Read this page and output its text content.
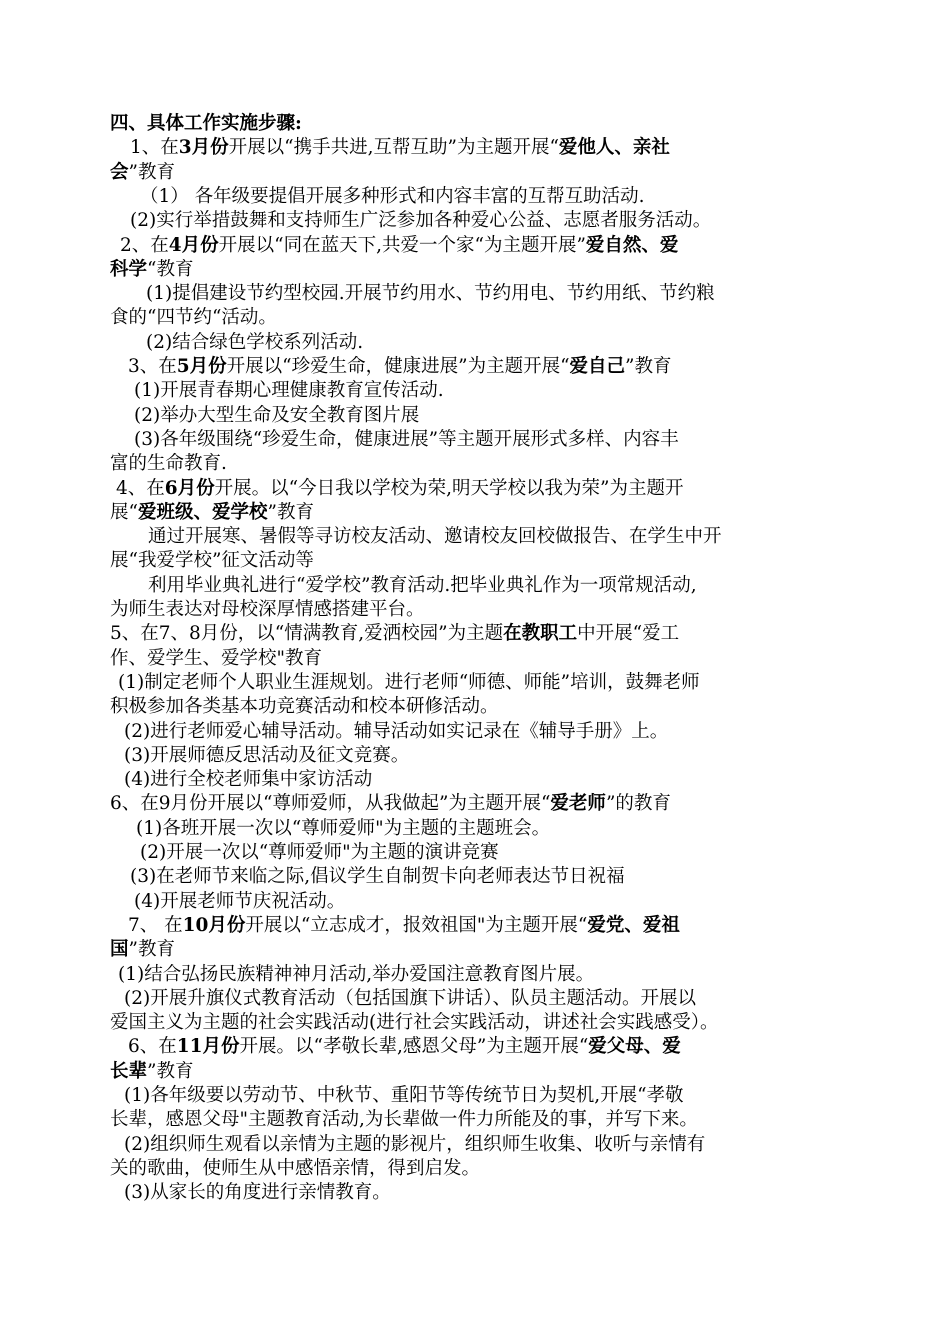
四、具体工作实施步骤:
1、在3月份开展以“携手共进,互帮互助”为主题开展“爱他人、亲社
会”教育
（1） 各年级要提倡开展多种形式和内容丰富的互帮互助活动.
(2)实行举措鼓舞和支持师生广泛参加各种爱心公益、志愿者服务活动。
2、在4月份开展以“同在蓝天下,共爱一个家“为主题开展”爱自然、爱
科学“教育
(1)提倡建设节约型校园.开展节约用水、节约用电、节约用纸、节约粮
食的“四节约“活动。
(2)结合绿色学校系列活动.
3、在5月份开展以“珍爱生命，健康进展”为主题开展“爱自己”教育
(1)开展青春期心理健康教育宣传活动.
(2)举办大型生命及安全教育图片展
(3)各年级围绕“珍爱生命，健康进展”等主题开展形式多样、内容丰
富的生命教育.
4、在6月份开展。以“今日我以学校为荣,明天学校以我为荣”为主题开
展“爱班级、爱学校”教育
通过开展寒、暑假等寻访校友活动、邀请校友回校做报告、在学生中开
展“我爱学校”征文活动等
利用毕业典礼进行“爱学校”教育活动.把毕业典礼作为一项常规活动,
为师生表达对母校深厚情感搭建平台。
5、在7、8月份，以“情满教育,爱洒校园”为主题在教职工中开展“爱工
作、爱学生、爱学校"教育
(1)制定老师个人职业生涯规划。进行老师“师德、师能”培训，鼓舞老师
积极参加各类基本功竞赛活动和校本研修活动。
(2)进行老师爱心辅导活动。辅导活动如实记录在《辅导手册》上。
(3)开展师德反思活动及征文竞赛。
(4)进行全校老师集中家访活动
6、在9月份开展以“尊师爱师，从我做起”为主题开展“爱老师”的教育
(1)各班开展一次以“尊师爱师"为主题的主题班会。
(2)开展一次以“尊师爱师"为主题的演讲竞赛
(3)在老师节来临之际,倡议学生自制贺卡向老师表达节日祝福
(4)开展老师节庆祝活动。
7、 在10月份开展以“立志成才，报效祖国"为主题开展“爱党、爱祖
国”教育
(1)结合弘扬民族精神神月活动,举办爱国注意教育图片展。
(2)开展升旗仪式教育活动（包括国旗下讲话）、队员主题活动。开展以
爱国主义为主题的社会实践活动(进行社会实践活动，讲述社会实践感受）。
6、在11月份开展。以“孝敬长辈,感恩父母”为主题开展“爱父母、爱
长辈”教育
(1)各年级要以劳动节、中秋节、重阳节等传统节日为契机,开展“孝敬
长辈，感恩父母"主题教育活动,为长辈做一件力所能及的事，并写下来。
(2)组织师生观看以亲情为主题的影视片，组织师生收集、收听与亲情有
关的歌曲，使师生从中感悟亲情，得到启发。
(3)从家长的角度进行亲情教育。
